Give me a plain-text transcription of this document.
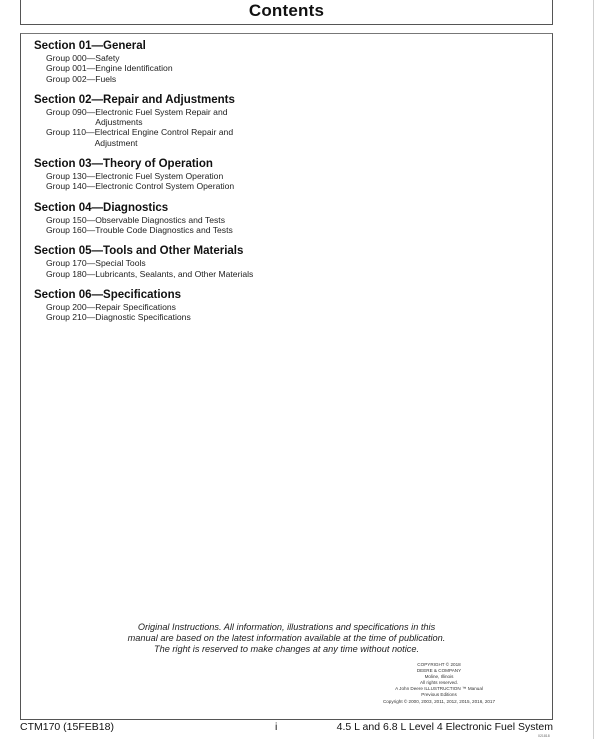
Contents
Section 01—General
Group 000— Safety
Group 001— Engine Identification
Group 002— Fuels
Section 02—Repair and Adjustments
Group 090— Electronic Fuel System Repair and Adjustments
Group 110— Electrical Engine Control Repair and Adjustment
Section 03—Theory of Operation
Group 130— Electronic Fuel System Operation
Group 140— Electronic Control System Operation
Section 04—Diagnostics
Group 150— Observable Diagnostics and Tests
Group 160— Trouble Code Diagnostics and Tests
Section 05—Tools and Other Materials
Group 170— Special Tools
Group 180— Lubricants, Sealants, and Other Materials
Section 06—Specifications
Group 200— Repair Specifications
Group 210— Diagnostic Specifications
Original Instructions. All information, illustrations and specifications in this
manual are based on the latest information available at the time of publication.
The right is reserved to make changes at any time without notice.
COPYRIGHT © 2018
DEERE & COMPANY
Moline, Illinois
All rights reserved.
A John Deere ILLUSTRUCTION ™ Manual
Previous Editions
Copyright © 2000, 2003, 2011, 2012, 2015, 2016, 2017
CTM170 (15FEB18)	i	4.5 L and 6.8 L Level 4 Electronic Fuel System
021818
